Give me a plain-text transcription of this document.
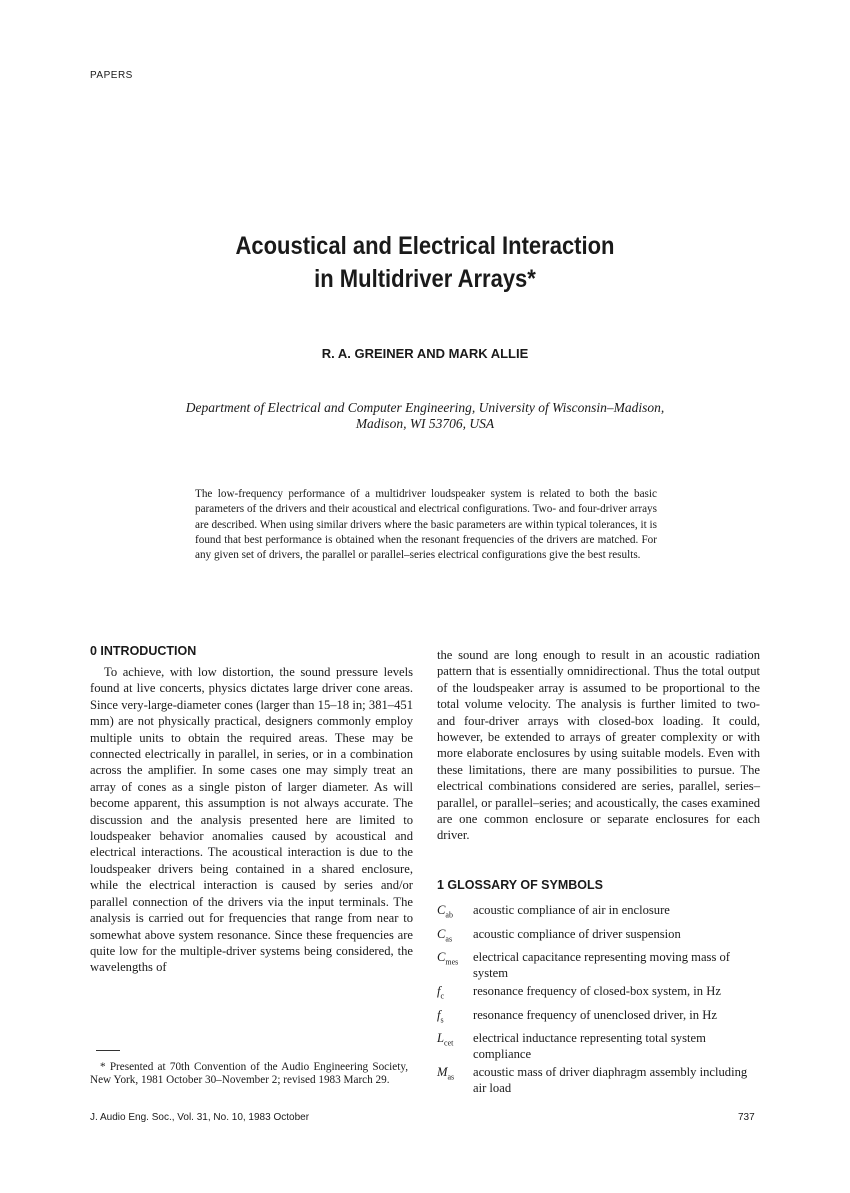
PAPERS
Acoustical and Electrical Interaction
in Multidriver Arrays*
R. A. GREINER AND MARK ALLIE
Department of Electrical and Computer Engineering, University of Wisconsin–Madison,
Madison, WI 53706, USA
The low-frequency performance of a multidriver loudspeaker system is related to both the basic parameters of the drivers and their acoustical and electrical configurations. Two- and four-driver arrays are described. When using similar drivers where the basic parameters are within typical tolerances, it is found that best performance is obtained when the resonant frequencies of the drivers are matched. For any given set of drivers, the parallel or parallel–series electrical configurations give the best results.
0 INTRODUCTION

To achieve, with low distortion, the sound pressure levels found at live concerts, physics dictates large driver cone areas. Since very-large-diameter cones (larger than 15–18 in; 381–451 mm) are not physically practical, designers commonly employ multiple units to obtain the required areas. These may be connected electrically in parallel, in series, or in a combination across the amplifier. In some cases one may simply treat an array of cones as a single piston of larger diameter. As will become apparent, this assumption is not always accurate. The discussion and the analysis presented here are limited to loudspeaker behavior anomalies caused by acoustical and electrical interactions. The acoustical interaction is due to the loudspeaker drivers being contained in a shared enclosure, while the electrical interaction is caused by series and/or parallel connection of the drivers via the input terminals. The analysis is carried out for frequencies that range from near to somewhat above system resonance. Since these frequencies are quite low for the multiple-driver systems being considered, the wavelengths of

the sound are long enough to result in an acoustic radiation pattern that is essentially omnidirectional. Thus the total output of the loudspeaker array is assumed to be proportional to the total volume velocity. The analysis is further limited to two- and four-driver arrays with closed-box loading. It could, however, be extended to arrays of greater complexity or with more elaborate enclosures by using suitable models. Even with these limitations, there are many possibilities to pursue. The electrical combinations considered are series, parallel, series–parallel, or parallel–series; and acoustically, the cases examined are one common enclosure or separate enclosures for each driver.

1 GLOSSARY OF SYMBOLS
$C_{ab}$	acoustic compliance of air in enclosure
$C_{as}$	acoustic compliance of driver suspension
$C_{mes}$	electrical capacitance representing moving mass of system
$f_c$	resonance frequency of closed-box system, in Hz
$f_s$	resonance frequency of unenclosed driver, in Hz
$L_{cet}$	electrical inductance representing total system compliance
$M_{as}$	acoustic mass of driver diaphragm assembly including air load
* Presented at 70th Convention of the Audio Engineering Society, New York, 1981 October 30–November 2; revised 1983 March 29.
J. Audio Eng. Soc., Vol. 31, No. 10, 1983 October	737
